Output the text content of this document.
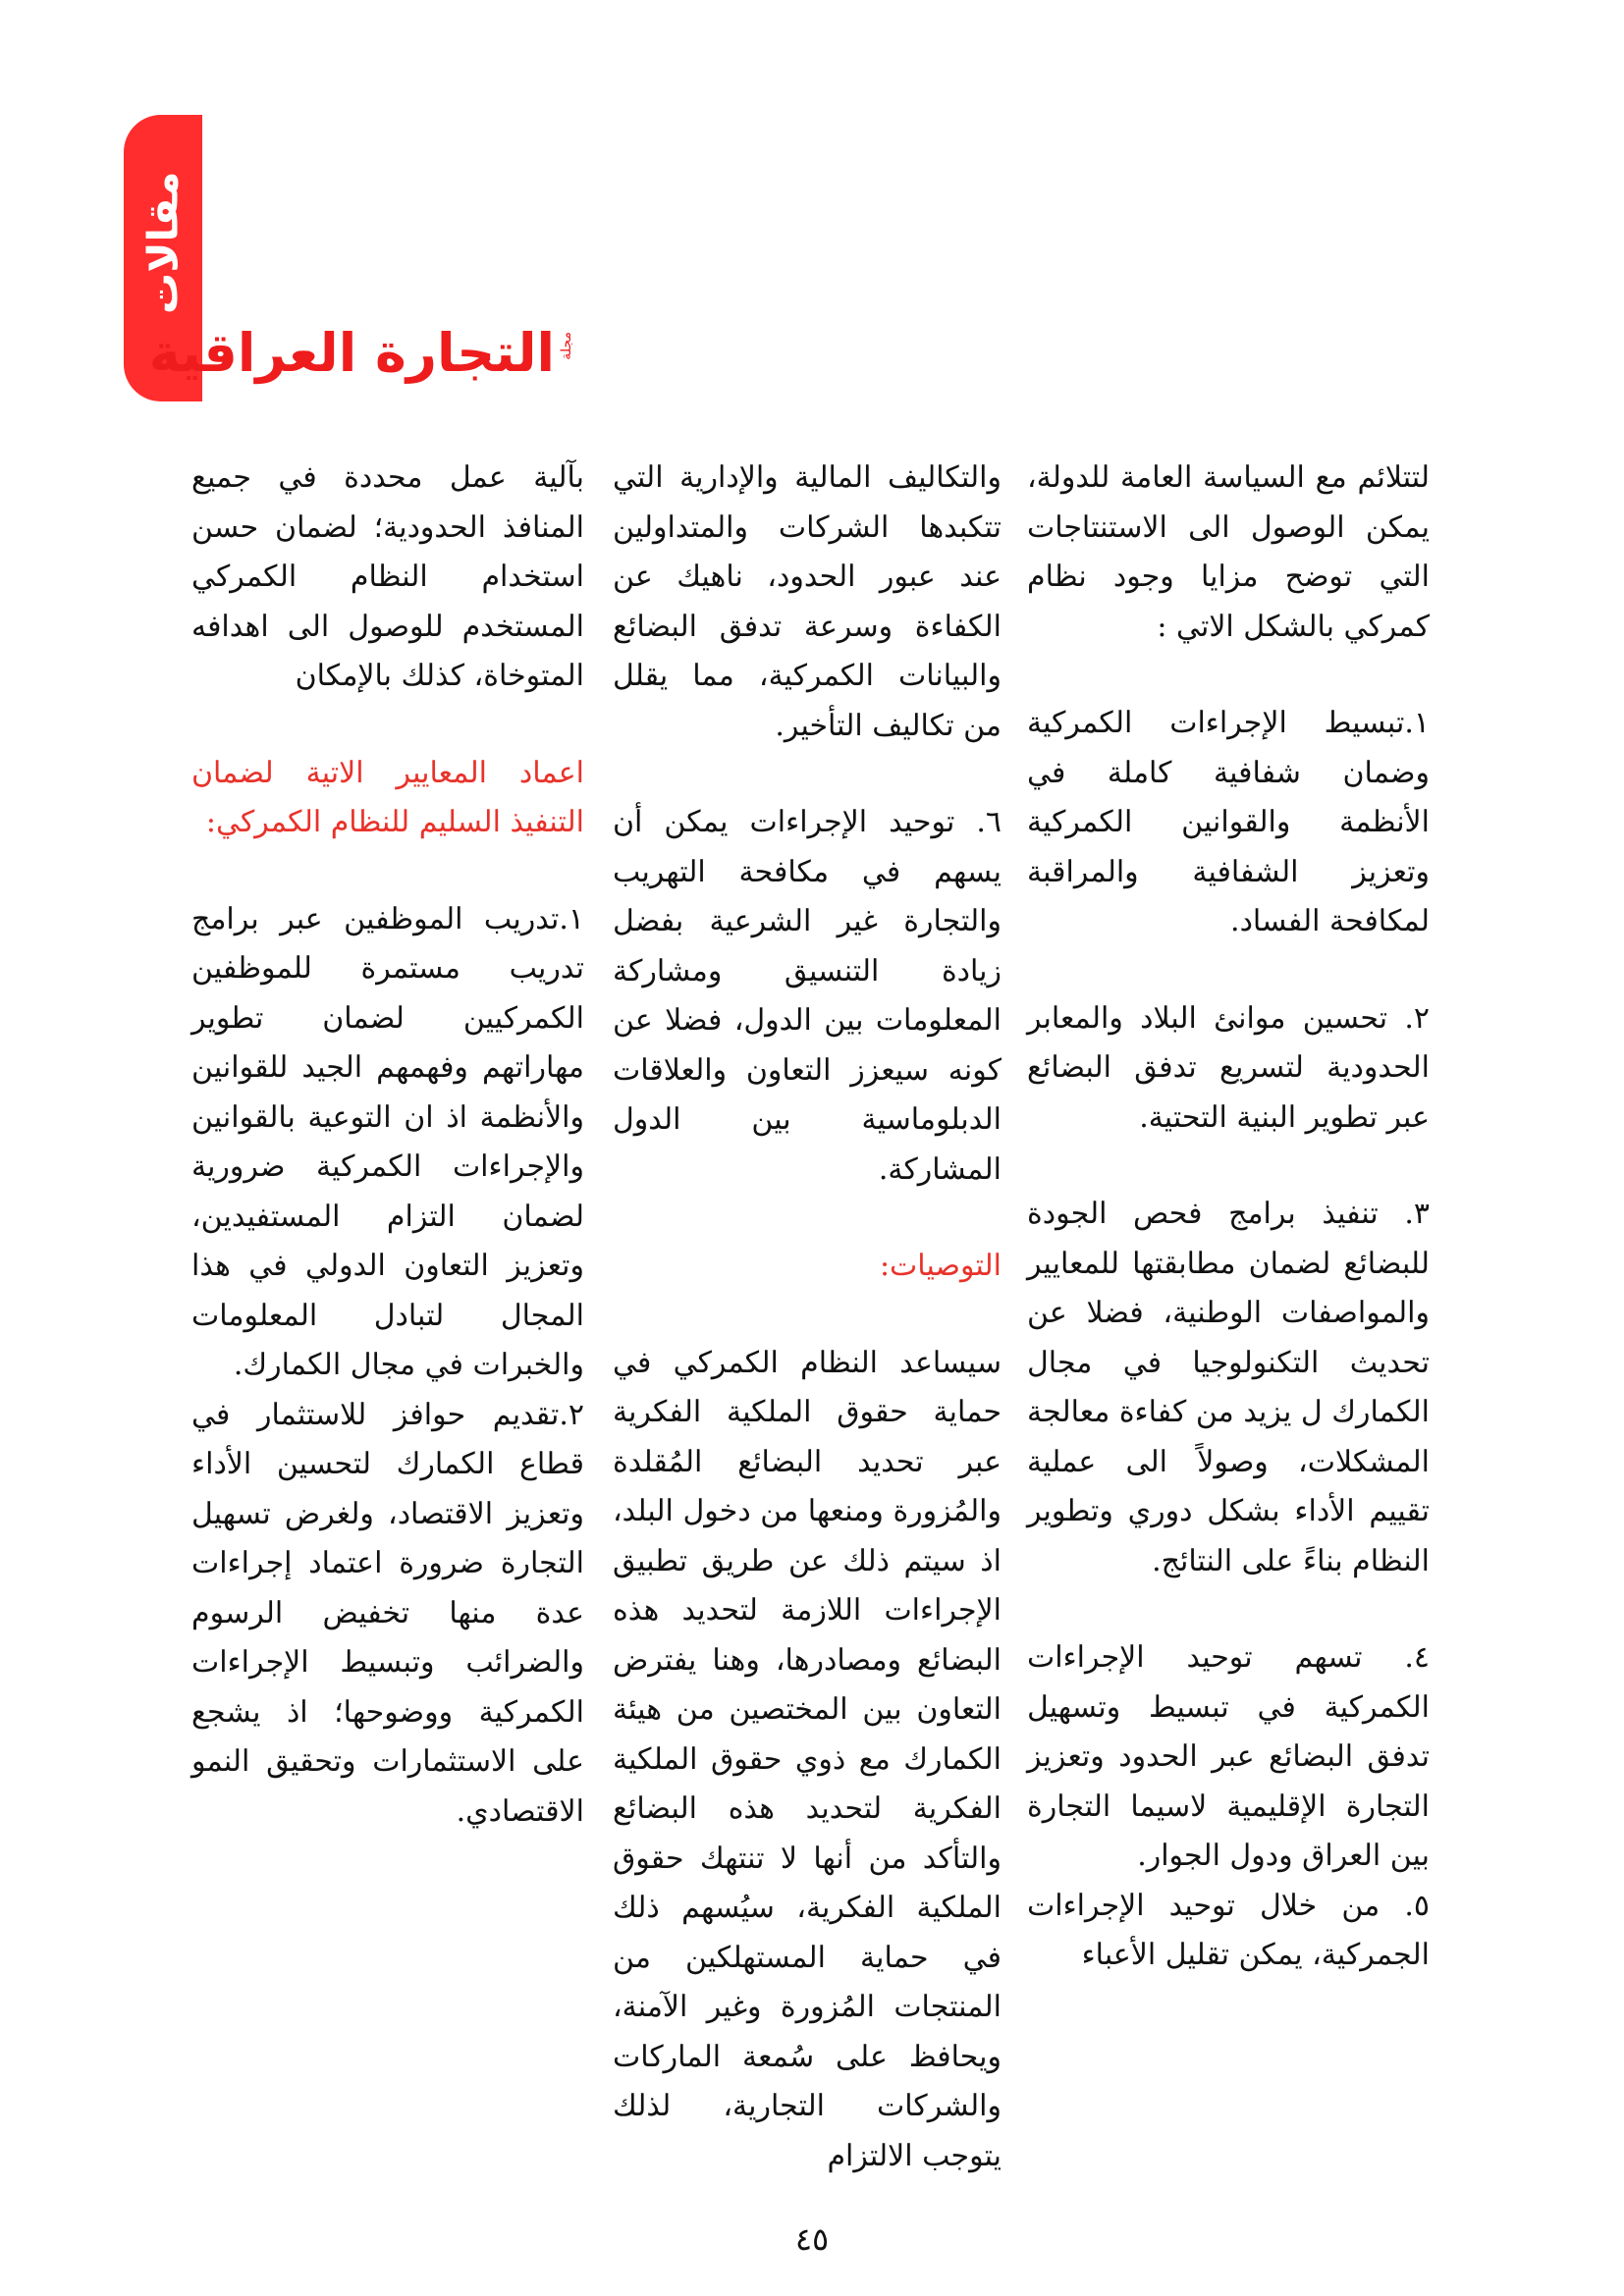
مقالات
التجارة العراقية مجلة

لتتلائم مع السياسة العامة للدولة، يمكن الوصول الى الاستنتاجات التي توضح مزايا وجود نظام كمركي بالشكل الاتي :

١.تبسيط الإجراءات الكمركية وضمان شفافية كاملة في الأنظمة والقوانين الكمركية وتعزيز الشفافية والمراقبة لمكافحة الفساد.

٢. تحسين موانئ البلاد والمعابر الحدودية لتسريع تدفق البضائع عبر تطوير البنية التحتية.

٣. تنفيذ برامج فحص الجودة للبضائع لضمان مطابقتها للمعايير والمواصفات الوطنية، فضلا عن تحديث التكنولوجيا في مجال الكمارك ل يزيد من كفاءة معالجة المشكلات، وصولاً الى عملية تقييم الأداء بشكل دوري وتطوير النظام بناءً على النتائج.

٤. تسهم توحيد الإجراءات الكمركية في تبسيط وتسهيل تدفق البضائع عبر الحدود وتعزيز التجارة الإقليمية لاسيما التجارة بين العراق ودول الجوار.

٥. من خلال توحيد الإجراءات الجمركية، يمكن تقليل الأعباء

والتكاليف المالية والإدارية التي تتكبدها الشركات والمتداولين عند عبور الحدود، ناهيك عن الكفاءة وسرعة تدفق البضائع والبيانات الكمركية، مما يقلل من تكاليف التأخير.

٦. توحيد الإجراءات يمكن أن يسهم في مكافحة التهريب والتجارة غير الشرعية بفضل زيادة التنسيق ومشاركة المعلومات بين الدول، فضلا عن كونه سيعزز التعاون والعلاقات الدبلوماسية بين الدول المشاركة.

التوصيات:

سيساعد النظام الكمركي في حماية حقوق الملكية الفكرية عبر تحديد البضائع المُقلدة والمُزورة ومنعها من دخول البلد، اذ سيتم ذلك عن طريق تطبيق الإجراءات اللازمة لتحديد هذه البضائع ومصادرها، وهنا يفترض التعاون بين المختصين من هيئة الكمارك مع ذوي حقوق الملكية الفكرية لتحديد هذه البضائع والتأكد من أنها لا تنتهك حقوق الملكية الفكرية، سيُسهم ذلك في حماية المستهلكين من المنتجات المُزورة وغير الآمنة، ويحافظ على سُمعة الماركات والشركات التجارية، لذلك يتوجب الالتزام

بآلية عمل محددة في جميع المنافذ الحدودية؛ لضمان حسن استخدام النظام الكمركي المستخدم للوصول الى اهدافه المتوخاة، كذلك بالإمكان

اعماد المعايير الاتية لضمان التنفيذ السليم للنظام الكمركي:

١.تدريب الموظفين عبر برامج تدريب مستمرة للموظفين الكمركيين لضمان تطوير مهاراتهم وفهمهم الجيد للقوانين والأنظمة اذ ان التوعية بالقوانين والإجراءات الكمركية ضرورية لضمان التزام المستفيدين، وتعزيز التعاون الدولي في هذا المجال لتبادل المعلومات والخبرات في مجال الكمارك.

٢.تقديم حوافز للاستثمار في قطاع الكمارك لتحسين الأداء وتعزيز الاقتصاد، ولغرض تسهيل التجارة ضرورة اعتماد إجراءات عدة منها تخفيض الرسوم والضرائب وتبسيط الإجراءات الكمركية ووضوحها؛ اذ يشجع على الاستثمارات وتحقيق النمو الاقتصادي.

٤٥
